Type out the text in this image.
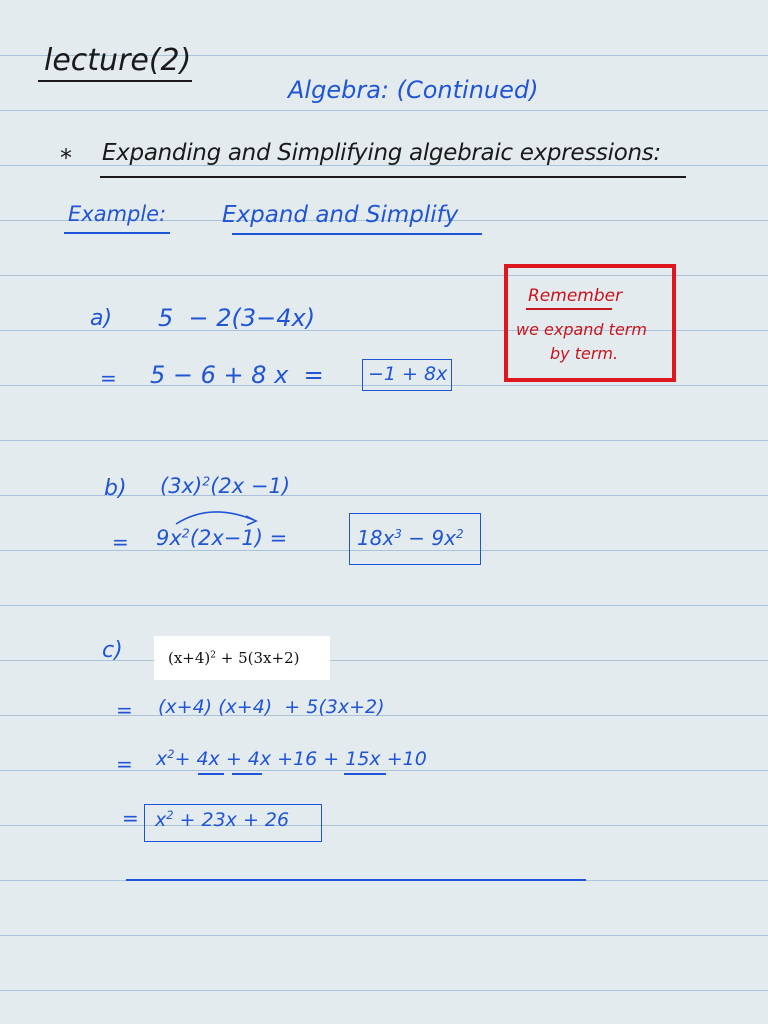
lecture(2)
Algebra: (Continued)
* Expanding and Simplifying algebraic expressions:
Example: Expand and Simplify
Remember
we expand term
by term.
a) 5  − 2(3−4x)
= 5 − 6 + 8 x  = −1 + 8x
b) $(3x)^2(2x -1)$
= $9x^2(2x-1)$ =	$18x^3 - 9x^2$
c)	$(x+4)^2 + 5(3x+2)$
= (x+4) (x+4)  + 5(3x+2)
= $x^2+ 4x + 4x +16 + 15x +10$
= $x^2 + 23x + 26$
